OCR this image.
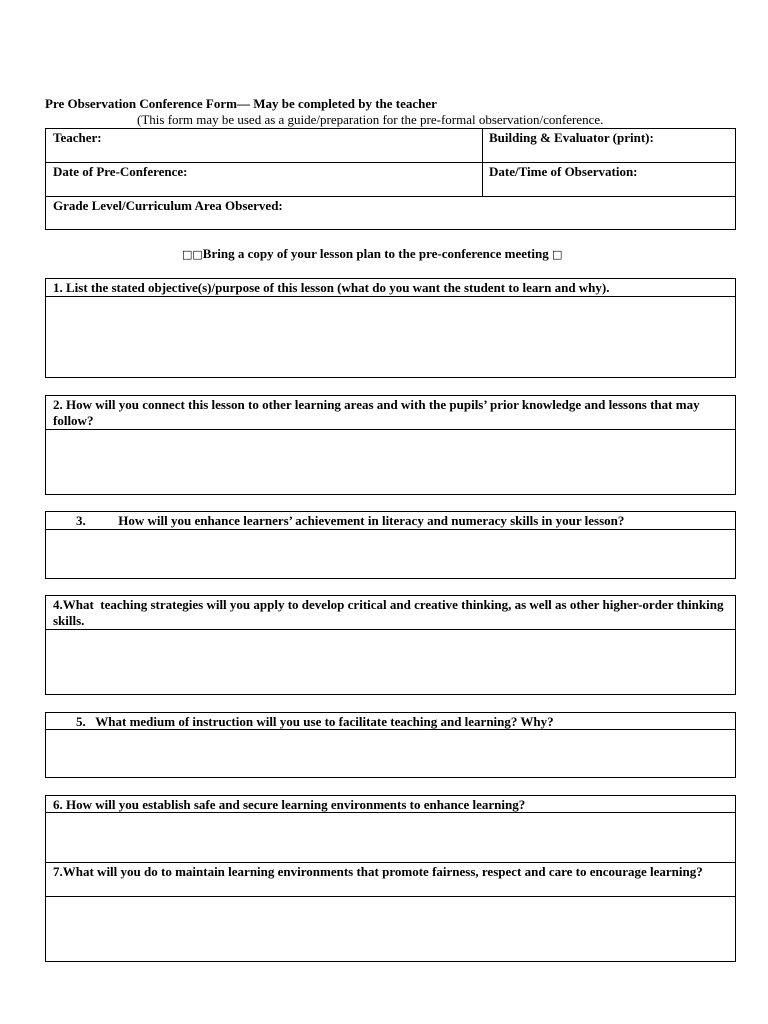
Pre Observation Conference Form— May be completed by the teacher
(This form may be used as a guide/preparation for the pre-formal observation/conference.
Teacher:	Building & Evaluator (print):
Date of Pre-Conference:	Date/Time of Observation:
Grade Level/Curriculum Area Observed:
□□Bring a copy of your lesson plan to the pre-conference meeting □
1. List the stated objective(s)/purpose of this lesson (what do you want the student to learn and why).
2. How will you connect this lesson to other learning areas and with the pupils’ prior knowledge and lessons that may follow?
3.          How will you enhance learners’ achievement in literacy and numeracy skills in your lesson?
4.What  teaching strategies will you apply to develop critical and creative thinking, as well as other higher-order thinking skills.
5.   What medium of instruction will you use to facilitate teaching and learning? Why?
6. How will you establish safe and secure learning environments to enhance learning?
7.What will you do to maintain learning environments that promote fairness, respect and care to encourage learning?
